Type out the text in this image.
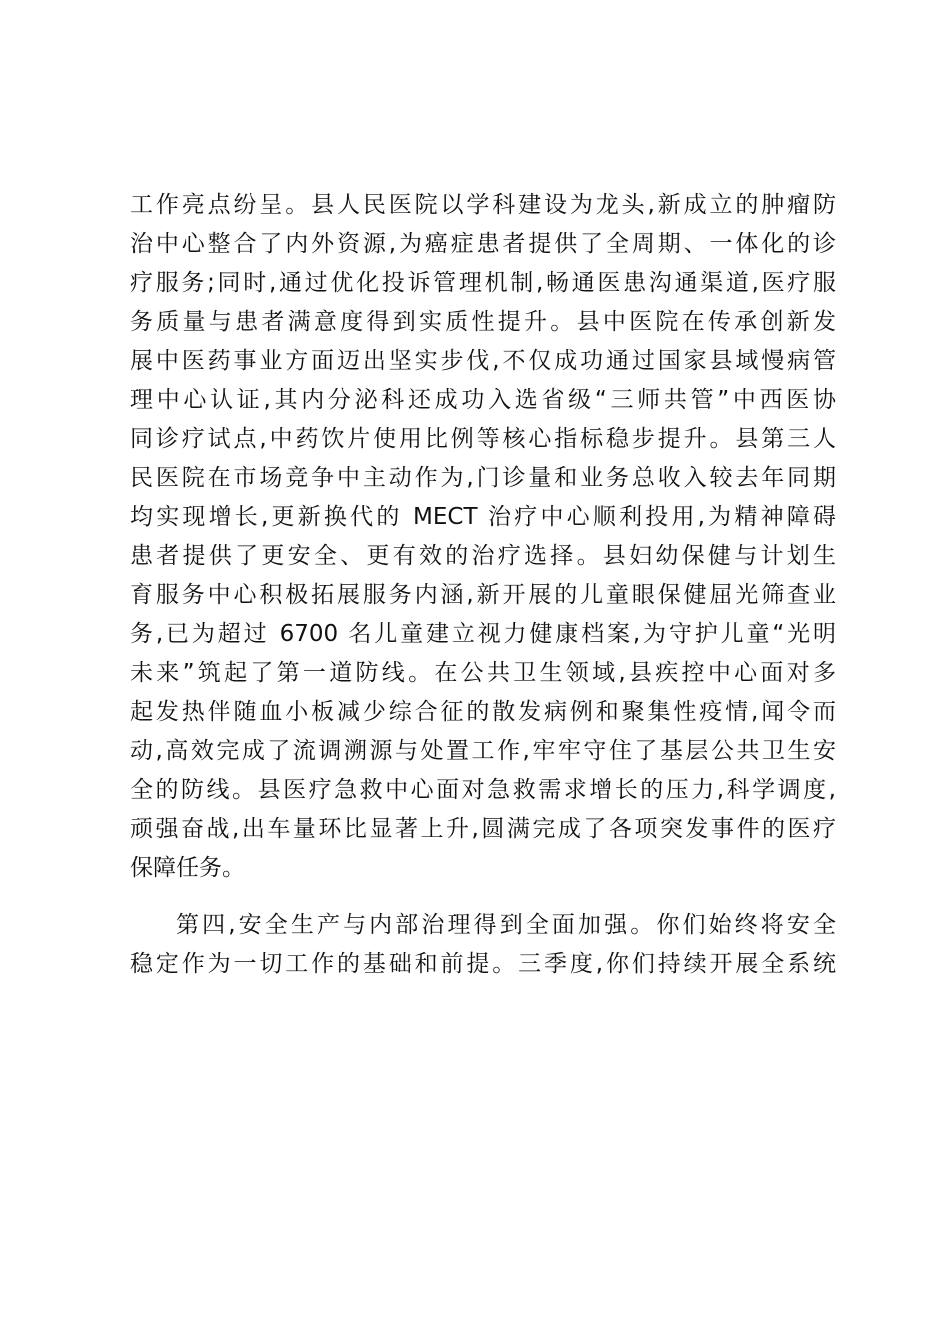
工作亮点纷呈。县人民医院以学科建设为龙头,新成立的肿瘤防
治中心整合了内外资源,为癌症患者提供了全周期、一体化的诊
疗服务;同时,通过优化投诉管理机制,畅通医患沟通渠道,医疗服
务质量与患者满意度得到实质性提升。县中医院在传承创新发
展中医药事业方面迈出坚实步伐,不仅成功通过国家县域慢病管
理中心认证,其内分泌科还成功入选省级“三师共管”中西医协
同诊疗试点,中药饮片使用比例等核心指标稳步提升。县第三人
民医院在市场竞争中主动作为,门诊量和业务总收入较去年同期
均实现增长,更新换代的 MECT 治疗中心顺利投用,为精神障碍
患者提供了更安全、更有效的治疗选择。县妇幼保健与计划生
育服务中心积极拓展服务内涵,新开展的儿童眼保健屈光筛查业
务,已为超过 6700 名儿童建立视力健康档案,为守护儿童“光明
未来”筑起了第一道防线。在公共卫生领域,县疾控中心面对多
起发热伴随血小板减少综合征的散发病例和聚集性疫情,闻令而
动,高效完成了流调溯源与处置工作,牢牢守住了基层公共卫生安
全的防线。县医疗急救中心面对急救需求增长的压力,科学调度,
顽强奋战,出车量环比显著上升,圆满完成了各项突发事件的医疗
保障任务。
第四,安全生产与内部治理得到全面加强。你们始终将安全
稳定作为一切工作的基础和前提。三季度,你们持续开展全系统
